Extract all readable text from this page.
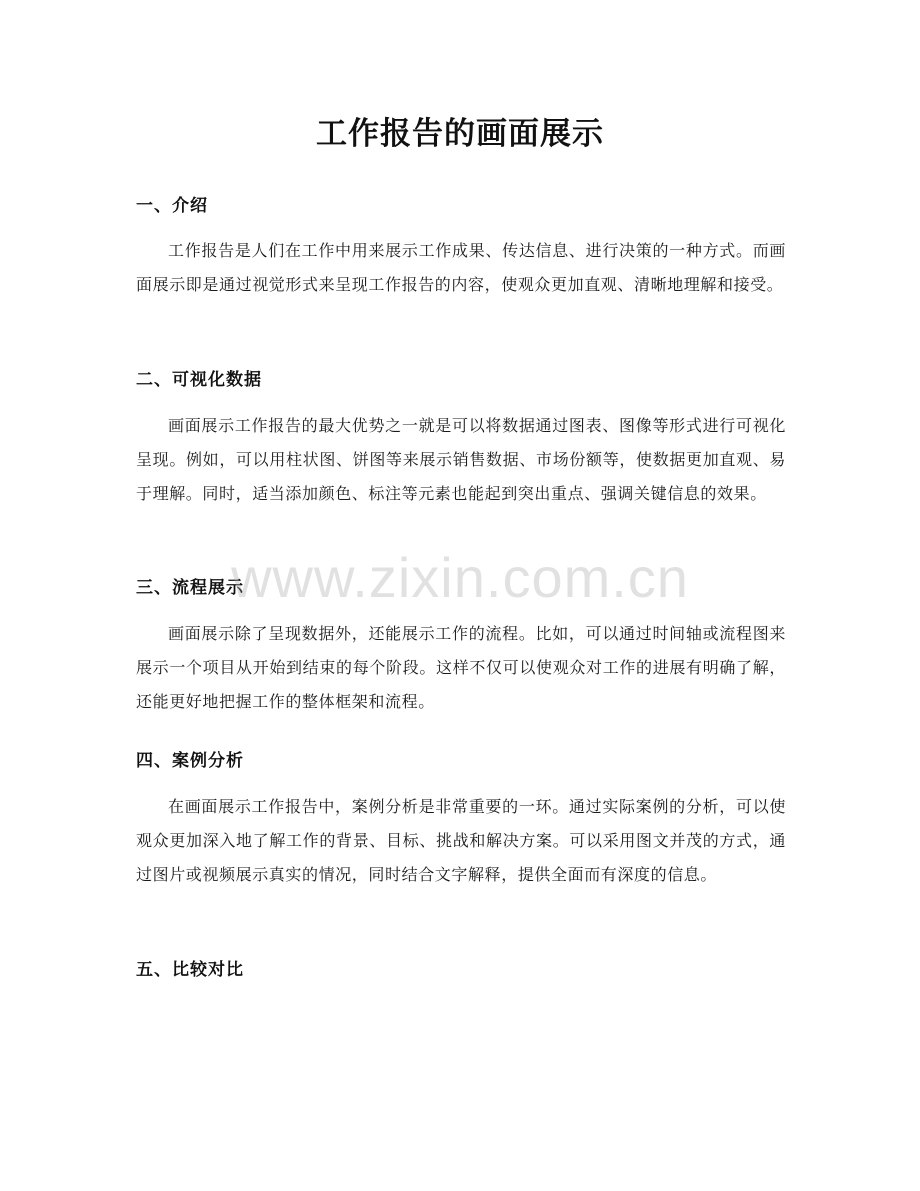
工作报告的画面展示
一、介绍

工作报告是人们在工作中用来展示工作成果、传达信息、进行决策的一种方式。而画面展示即是通过视觉形式来呈现工作报告的内容，使观众更加直观、清晰地理解和接受。

二、可视化数据

画面展示工作报告的最大优势之一就是可以将数据通过图表、图像等形式进行可视化呈现。例如，可以用柱状图、饼图等来展示销售数据、市场份额等，使数据更加直观、易于理解。同时，适当添加颜色、标注等元素也能起到突出重点、强调关键信息的效果。

三、流程展示

画面展示除了呈现数据外，还能展示工作的流程。比如，可以通过时间轴或流程图来展示一个项目从开始到结束的每个阶段。这样不仅可以使观众对工作的进展有明确了解，还能更好地把握工作的整体框架和流程。

四、案例分析

在画面展示工作报告中，案例分析是非常重要的一环。通过实际案例的分析，可以使观众更加深入地了解工作的背景、目标、挑战和解决方案。可以采用图文并茂的方式，通过图片或视频展示真实的情况，同时结合文字解释，提供全面而有深度的信息。

五、比较对比
www.zixin.com.cn
